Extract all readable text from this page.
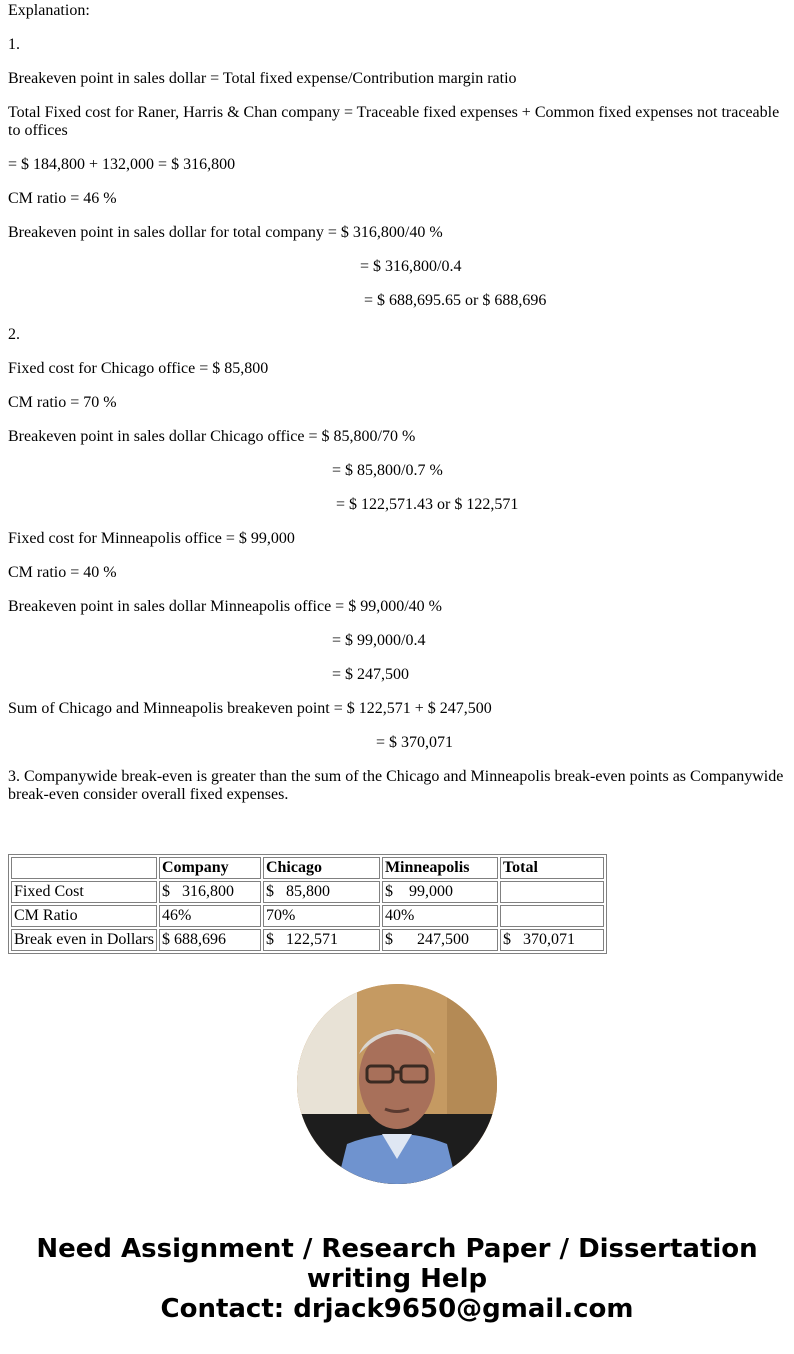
Explanation:

1.

Breakeven point in sales dollar = Total fixed expense/Contribution margin ratio

Total Fixed cost for Raner, Harris & Chan company = Traceable fixed expenses + Common fixed expenses not traceable to offices

= $ 184,800 + 132,000 = $ 316,800

CM ratio = 46 %

Breakeven point in sales dollar for total company = $ 316,800/40 %

= $ 316,800/0.4

= $ 688,695.65 or $ 688,696

2.

Fixed cost for Chicago office = $ 85,800

CM ratio = 70 %

Breakeven point in sales dollar Chicago office = $ 85,800/70 %

= $ 85,800/0.7 %

= $ 122,571.43 or $ 122,571

Fixed cost for Minneapolis office = $ 99,000

CM ratio = 40 %

Breakeven point in sales dollar Minneapolis office = $ 99,000/40 %

= $ 99,000/0.4

= $ 247,500

Sum of Chicago and Minneapolis breakeven point = $ 122,571 + $ 247,500

= $ 370,071

3. Companywide break-even is greater than the sum of the Chicago and Minneapolis break-even points as Companywide break-even consider overall fixed expenses.

	Company	Chicago	Minneapolis	Total
Fixed Cost	$   316,800	$   85,800	$    99,000	
CM Ratio	46%	70%	40%	
Break even in Dollars	$ 688,696	$   122,571	$      247,500	$   370,071
Need Assignment / Research Paper / Dissertation
writing Help
Contact: drjack9650@gmail.com
